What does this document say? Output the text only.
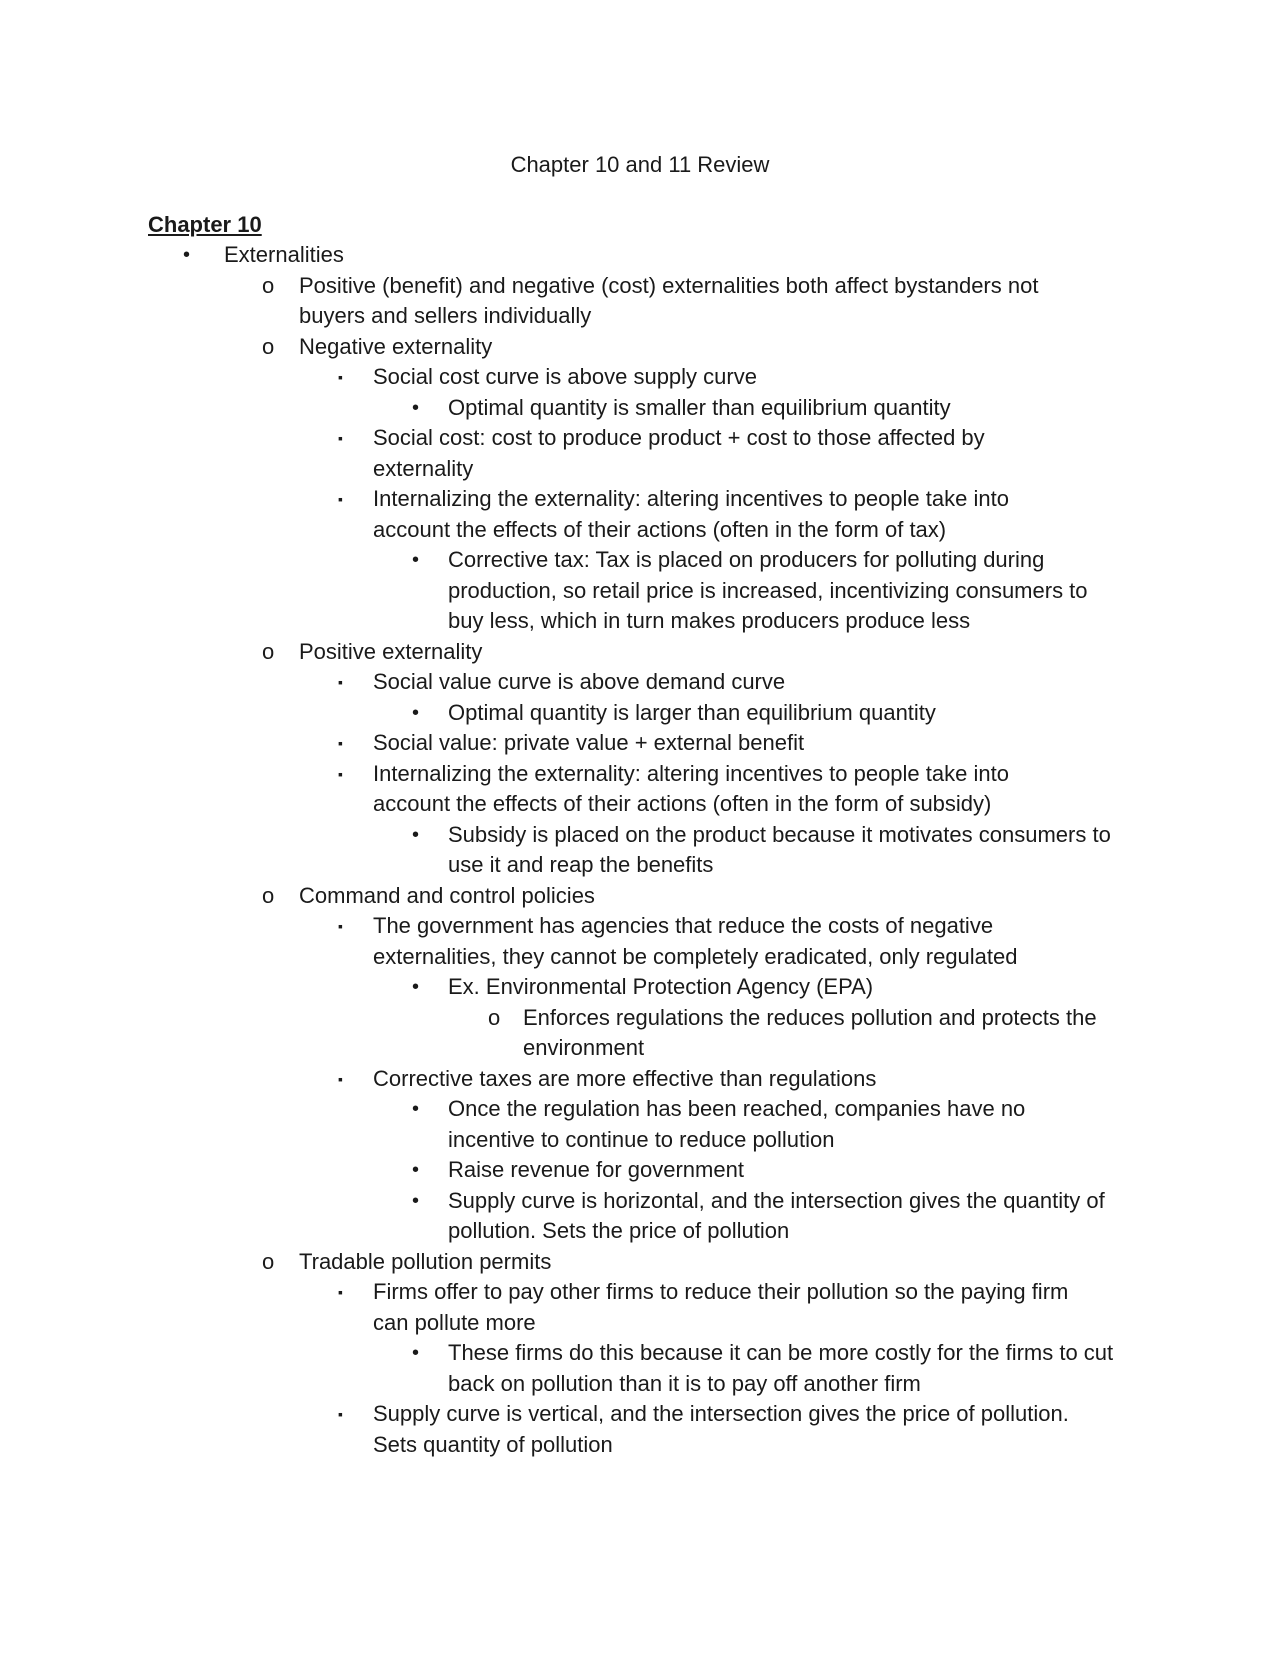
Chapter 10 and 11 Review
Chapter 10
• Externalities
o Positive (benefit) and negative (cost) externalities both affect bystanders not buyers and sellers individually
o Negative externality
▪ Social cost curve is above supply curve
• Optimal quantity is smaller than equilibrium quantity
▪ Social cost: cost to produce product + cost to those affected by externality
▪ Internalizing the externality: altering incentives to people take into account the effects of their actions (often in the form of tax)
• Corrective tax: Tax is placed on producers for polluting during production, so retail price is increased, incentivizing consumers to buy less, which in turn makes producers produce less
o Positive externality
▪ Social value curve is above demand curve
• Optimal quantity is larger than equilibrium quantity
▪ Social value: private value + external benefit
▪ Internalizing the externality: altering incentives to people take into account the effects of their actions (often in the form of subsidy)
• Subsidy is placed on the product because it motivates consumers to use it and reap the benefits
o Command and control policies
▪ The government has agencies that reduce the costs of negative externalities, they cannot be completely eradicated, only regulated
• Ex. Environmental Protection Agency (EPA)
o Enforces regulations the reduces pollution and protects the environment
▪ Corrective taxes are more effective than regulations
• Once the regulation has been reached, companies have no incentive to continue to reduce pollution
• Raise revenue for government
• Supply curve is horizontal, and the intersection gives the quantity of pollution. Sets the price of pollution
o Tradable pollution permits
▪ Firms offer to pay other firms to reduce their pollution so the paying firm can pollute more
• These firms do this because it can be more costly for the firms to cut back on pollution than it is to pay off another firm
▪ Supply curve is vertical, and the intersection gives the price of pollution. Sets quantity of pollution
